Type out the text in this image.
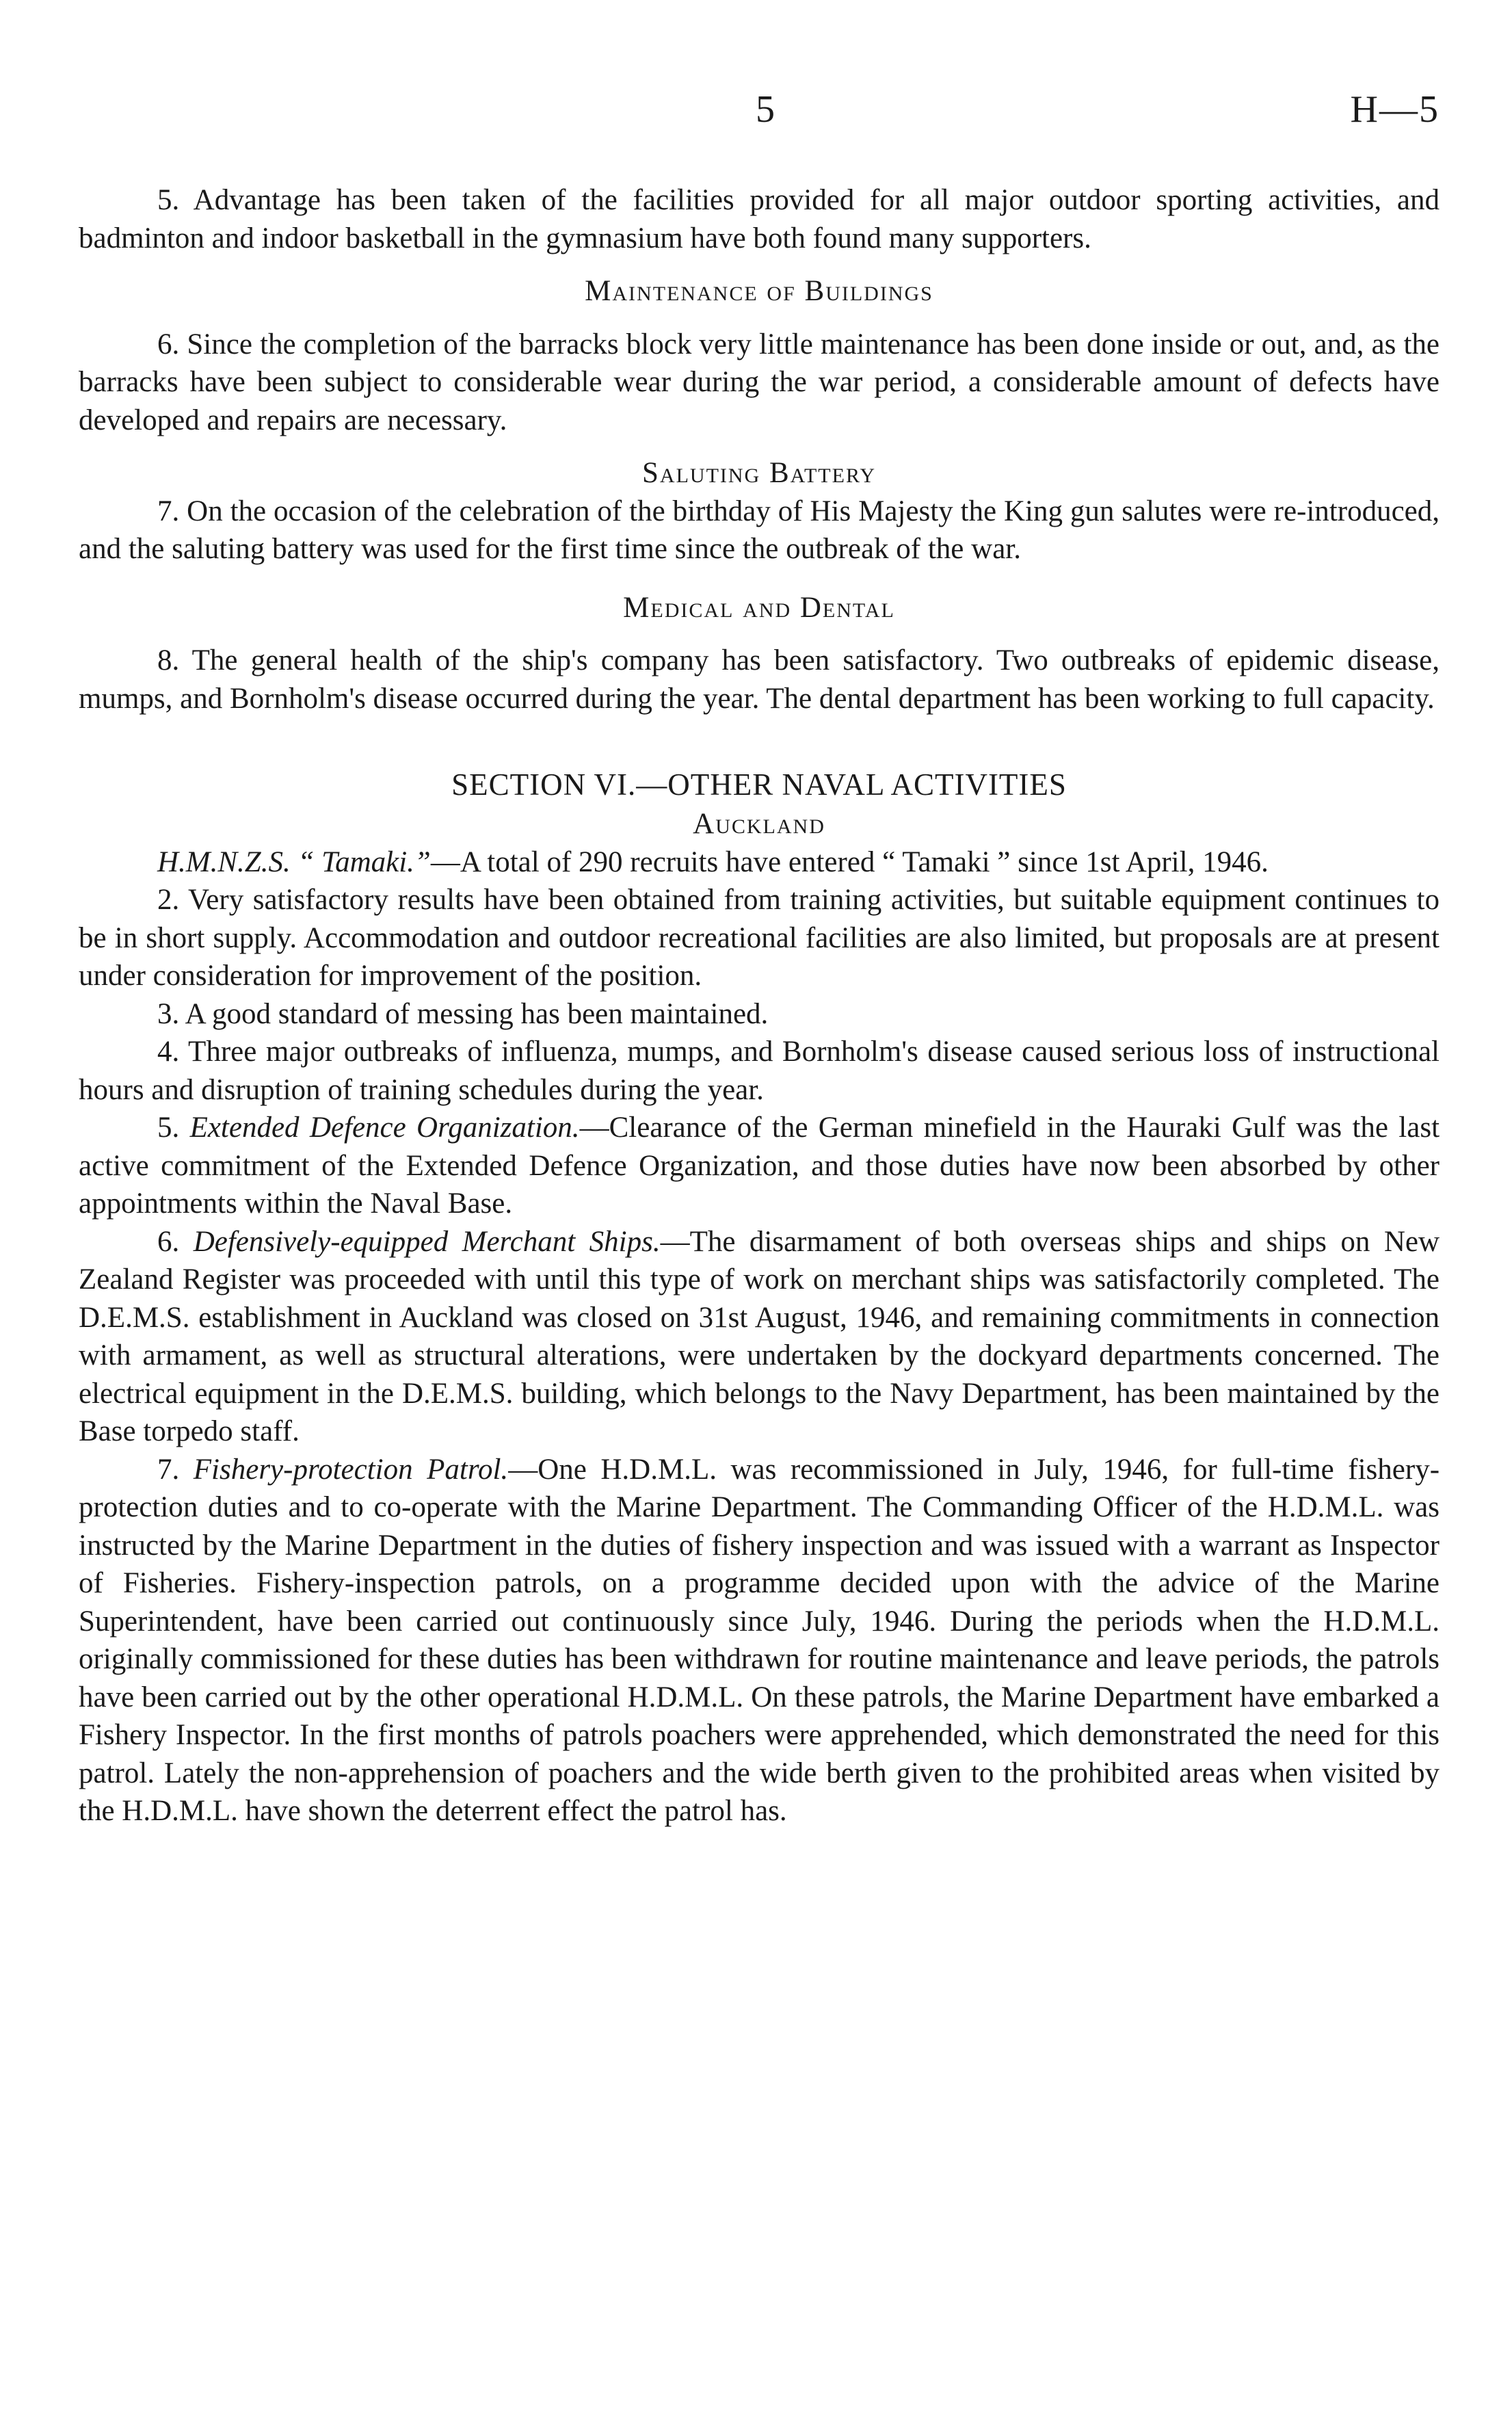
5	H—5

5. Advantage has been taken of the facilities provided for all major outdoor sporting activities, and badminton and indoor basketball in the gymnasium have both found many supporters.

Maintenance of Buildings

6. Since the completion of the barracks block very little maintenance has been done inside or out, and, as the barracks have been subject to considerable wear during the war period, a considerable amount of defects have developed and repairs are necessary.

Saluting Battery

7. On the occasion of the celebration of the birthday of His Majesty the King gun salutes were re-introduced, and the saluting battery was used for the first time since the outbreak of the war.

Medical and Dental

8. The general health of the ship's company has been satisfactory. Two outbreaks of epidemic disease, mumps, and Bornholm's disease occurred during the year. The dental department has been working to full capacity.

SECTION VI.—OTHER NAVAL ACTIVITIES

Auckland

H.M.N.Z.S. “ Tamaki.”—A total of 290 recruits have entered “ Tamaki ” since 1st April, 1946.

2. Very satisfactory results have been obtained from training activities, but suitable equipment continues to be in short supply. Accommodation and outdoor recreational facilities are also limited, but proposals are at present under consideration for improvement of the position.

3. A good standard of messing has been maintained.

4. Three major outbreaks of influenza, mumps, and Bornholm's disease caused serious loss of instructional hours and disruption of training schedules during the year.

5. Extended Defence Organization.—Clearance of the German minefield in the Hauraki Gulf was the last active commitment of the Extended Defence Organization, and those duties have now been absorbed by other appointments within the Naval Base.

6. Defensively-equipped Merchant Ships.—The disarmament of both overseas ships and ships on New Zealand Register was proceeded with until this type of work on merchant ships was satisfactorily completed. The D.E.M.S. establishment in Auckland was closed on 31st August, 1946, and remaining commitments in connection with armament, as well as structural alterations, were undertaken by the dockyard departments concerned. The electrical equipment in the D.E.M.S. building, which belongs to the Navy Department, has been maintained by the Base torpedo staff.

7. Fishery-protection Patrol.—One H.D.M.L. was recommissioned in July, 1946, for full-time fishery-protection duties and to co-operate with the Marine Department. The Commanding Officer of the H.D.M.L. was instructed by the Marine Department in the duties of fishery inspection and was issued with a warrant as Inspector of Fisheries. Fishery-inspection patrols, on a programme decided upon with the advice of the Marine Superintendent, have been carried out continuously since July, 1946. During the periods when the H.D.M.L. originally commissioned for these duties has been withdrawn for routine maintenance and leave periods, the patrols have been carried out by the other operational H.D.M.L. On these patrols, the Marine Department have embarked a Fishery Inspector. In the first months of patrols poachers were apprehended, which demonstrated the need for this patrol. Lately the non-apprehension of poachers and the wide berth given to the prohibited areas when visited by the H.D.M.L. have shown the deterrent effect the patrol has.
